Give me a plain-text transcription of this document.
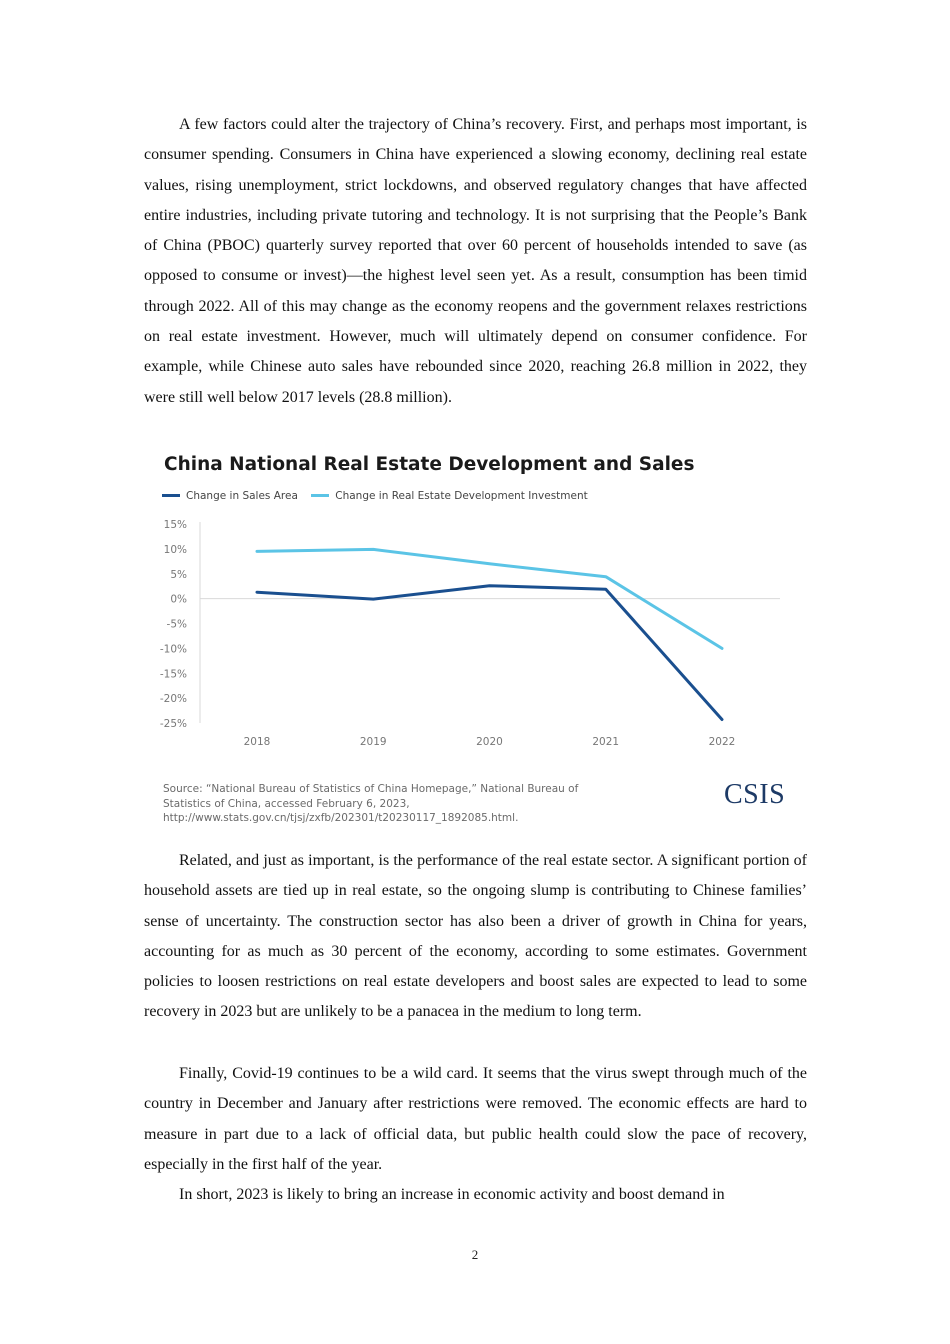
A few factors could alter the trajectory of China’s recovery. First, and perhaps most important, is consumer spending. Consumers in China have experienced a slowing economy, declining real estate values, rising unemployment, strict lockdowns, and observed regulatory changes that have affected entire industries, including private tutoring and technology. It is not surprising that the People’s Bank of China (PBOC) quarterly survey reported that over 60 percent of households intended to save (as opposed to consume or invest)—the highest level seen yet. As a result, consumption has been timid through 2022. All of this may change as the economy reopens and the government relaxes restrictions on real estate investment. However, much will ultimately depend on consumer confidence. For example, while Chinese auto sales have rebounded since 2020, reaching 26.8 million in 2022, they were still well below 2017 levels (28.8 million).

China National Real Estate Development and Sales
Change in Sales Area	Change in Real Estate Development Investment
15%
10%
5%
0%
-5%
-10%
-15%
-20%
-25%
2018	2019	2020	2021	2022

Source: “National Bureau of Statistics of China Homepage,” National Bureau of Statistics of China, accessed February 6, 2023, http://www.stats.gov.cn/tjsj/zxfb/202301/t20230117_1892085.html.

CSIS

Related, and just as important, is the performance of the real estate sector. A significant portion of household assets are tied up in real estate, so the ongoing slump is contributing to Chinese families’ sense of uncertainty. The construction sector has also been a driver of growth in China for years, accounting for as much as 30 percent of the economy, according to some estimates. Government policies to loosen restrictions on real estate developers and boost sales are expected to lead to some recovery in 2023 but are unlikely to be a panacea in the medium to long term.

Finally, Covid-19 continues to be a wild card. It seems that the virus swept through much of the country in December and January after restrictions were removed. The economic effects are hard to measure in part due to a lack of official data, but public health could slow the pace of recovery, especially in the first half of the year.

In short, 2023 is likely to bring an increase in economic activity and boost demand in

2
